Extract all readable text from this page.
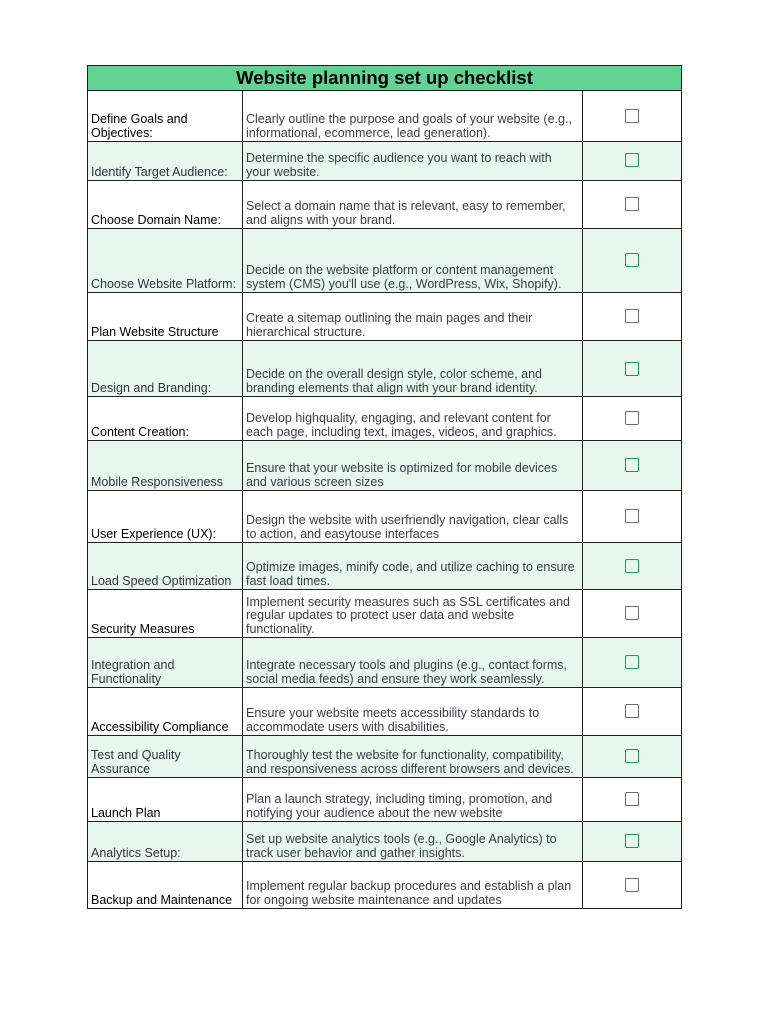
Website planning set up checklist		
Define Goals and Objectives:	Clearly outline the purpose and goals of your website (e.g., informational, ecommerce, lead generation).	
Identify Target Audience:	Determine the specific audience you want to reach with your website.	
Choose Domain Name:	Select a domain name that is relevant, easy to remember, and aligns with your brand.	
Choose Website Platform:	Decide on the website platform or content management system (CMS) you'll use (e.g., WordPress, Wix, Shopify).	
Plan Website Structure	Create a sitemap outlining the main pages and their hierarchical structure.	
Design and Branding:	Decide on the overall design style, color scheme, and branding elements that align with your brand identity.	
Content Creation:	Develop highquality, engaging, and relevant content for each page, including text, images, videos, and graphics.	
Mobile Responsiveness	Ensure that your website is optimized for mobile devices and various screen sizes	
User Experience (UX):	Design the website with userfriendly navigation, clear calls to action, and easytouse interfaces	
Load Speed Optimization	Optimize images, minify code, and utilize caching to ensure fast load times.	
Security Measures	Implement security measures such as SSL certificates and regular updates to protect user data and website functionality.	
Integration and Functionality	Integrate necessary tools and plugins (e.g., contact forms, social media feeds) and ensure they work seamlessly.	
Accessibility Compliance	Ensure your website meets accessibility standards to accommodate users with disabilities.	
Test and Quality Assurance	Thoroughly test the website for functionality, compatibility, and responsiveness across different browsers and devices.	
Launch Plan	Plan a launch strategy, including timing, promotion, and notifying your audience about the new website	
Analytics Setup:	Set up website analytics tools (e.g., Google Analytics) to track user behavior and gather insights.	
Backup and Maintenance	Implement regular backup procedures and establish a plan for ongoing website maintenance and updates	
